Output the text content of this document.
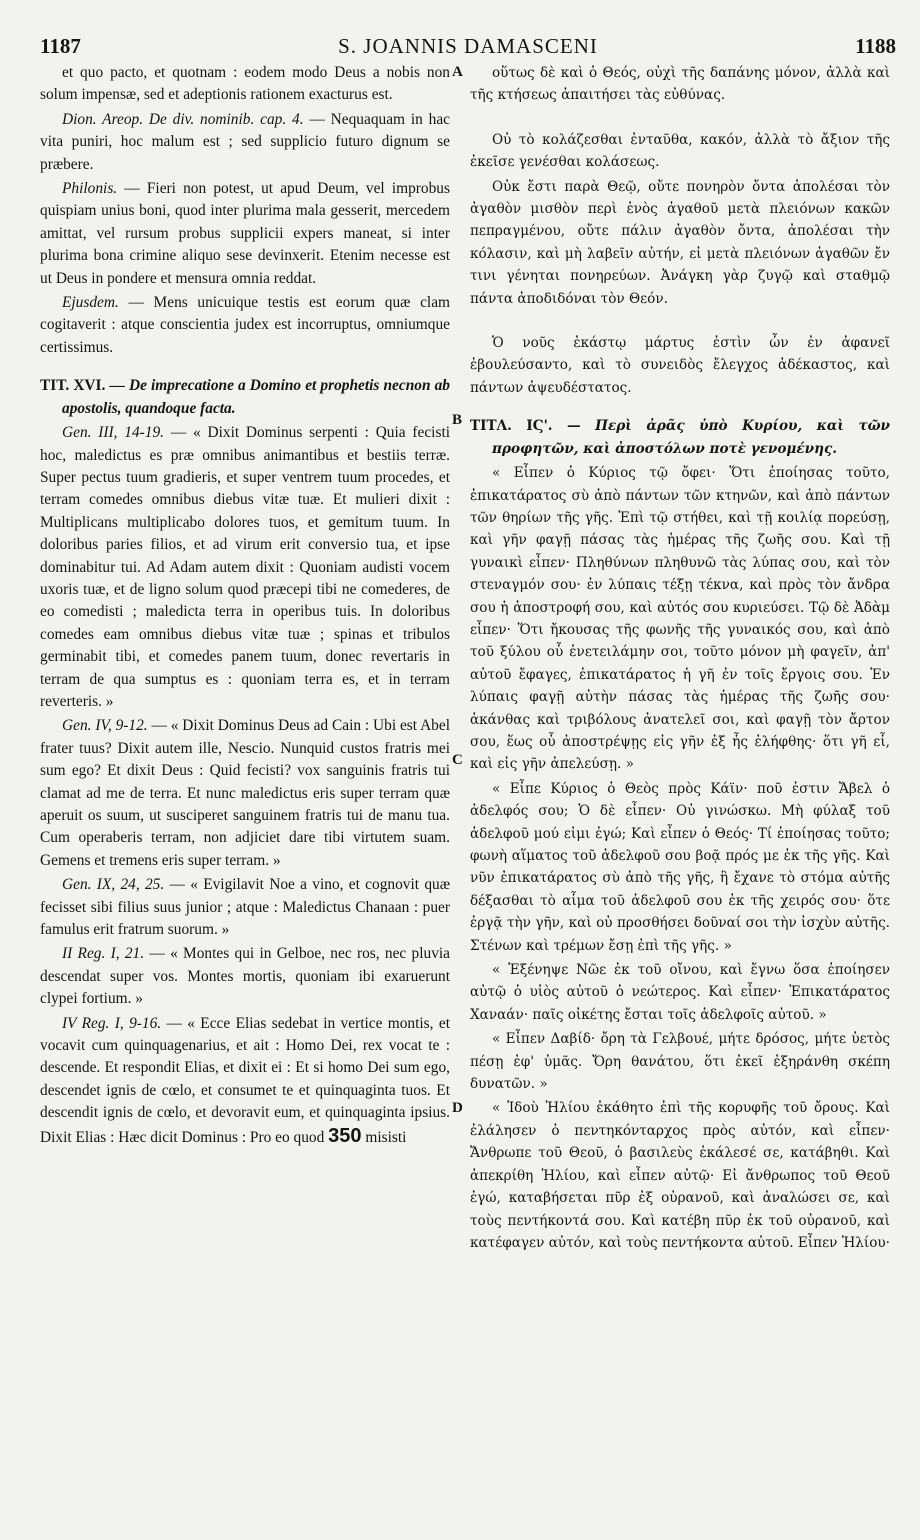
1187	S. JOANNIS DAMASCENI	1188
A
B
C
D

et quo pacto, et quotnam : eodem modo Deus a nobis non solum impensæ, sed et adeptionis rationem exacturus est.

Dion. Areop. De div. nominib. cap. 4. — Nequaquam in hac vita puniri, hoc malum est ; sed supplicio futuro dignum se præbere.

Philonis. — Fieri non potest, ut apud Deum, vel improbus quispiam unius boni, quod inter plurima mala gesserit, mercedem amittat, vel rursum probus supplicii expers maneat, si inter plurima bona crimine aliquo sese devinxerit. Etenim necesse est ut Deus in pondere et mensura omnia reddat.

Ejusdem. — Mens unicuique testis est eorum quæ clam cogitaverit : atque conscientia judex est incorruptus, omniumque certissimus.

TIT. XVI. — De imprecatione a Domino et prophetis necnon ab apostolis, quandoque facta.

Gen. III, 14-19. — « Dixit Dominus serpenti : Quia fecisti hoc, maledictus es præ omnibus animantibus et bestiis terræ. Super pectus tuum gradieris, et super ventrem tuum procedes, et terram comedes omnibus diebus vitæ tuæ. Et mulieri dixit : Multiplicans multiplicabo dolores tuos, et gemitum tuum. In doloribus paries filios, et ad virum erit conversio tua, et ipse dominabitur tui. Ad Adam autem dixit : Quoniam audisti vocem uxoris tuæ, et de ligno solum quod præcepi tibi ne comederes, de eo comedisti ; maledicta terra in operibus tuis. In doloribus comedes eam omnibus diebus vitæ tuæ ; spinas et tribulos germinabit tibi, et comedes panem tuum, donec revertaris in terram de qua sumptus es : quoniam terra es, et in terram reverteris. »

Gen. IV, 9-12. — « Dixit Dominus Deus ad Cain : Ubi est Abel frater tuus? Dixit autem ille, Nescio. Nunquid custos fratris mei sum ego? Et dixit Deus : Quid fecisti? vox sanguinis fratris tui clamat ad me de terra. Et nunc maledictus eris super terram quæ aperuit os suum, ut susciperet sanguinem fratris tui de manu tua. Cum operaberis terram, non adjiciet dare tibi virtutem suam. Gemens et tremens eris super terram. »

Gen. IX, 24, 25. — « Evigilavit Noe a vino, et cognovit quæ fecisset sibi filius suus junior ; atque : Maledictus Chanaan : puer famulus erit fratrum suorum. »

II Reg. I, 21. — « Montes qui in Gelboe, nec ros, nec pluvia descendat super vos. Montes mortis, quoniam ibi exaruerunt clypei fortium. »

IV Reg. I, 9-16. — « Ecce Elias sedebat in vertice montis, et vocavit cum quinquagenarius, et ait : Homo Dei, rex vocat te : descende. Et respondit Elias, et dixit ei : Et si homo Dei sum ego, descendet ignis de cœlo, et consumet te et quinquaginta tuos. Et descendit ignis de cœlo, et devoravit eum, et quinquaginta ipsius. Dixit Elias : Hæc dicit Dominus : Pro eo quod 350 misisti

οὕτως δὲ καὶ ὁ Θεός, οὐχὶ τῆς δαπάνης μόνον, ἀλλὰ καὶ τῆς κτήσεως ἀπαιτήσει τὰς εὐθύνας.

Οὐ τὸ κολάζεσθαι ἐνταῦθα, κακόν, ἀλλὰ τὸ ἄξιον τῆς ἐκεῖσε γενέσθαι κολάσεως.

Οὐκ ἔστι παρὰ Θεῷ, οὔτε πονηρὸν ὄντα ἀπολέσαι τὸν ἀγαθὸν μισθὸν περὶ ἑνὸς ἀγαθοῦ μετὰ πλειόνων κακῶν πεπραγμένου, οὔτε πάλιν ἀγαθὸν ὄντα, ἀπολέσαι τὴν κόλασιν, καὶ μὴ λαβεῖν αὐτήν, εἰ μετὰ πλειόνων ἀγαθῶν ἔν τινι γένηται πονηρεύων. Ἀνάγκη γὰρ ζυγῷ καὶ σταθμῷ πάντα ἀποδιδόναι τὸν Θεόν.

Ὁ νοῦς ἑκάστῳ μάρτυς ἐστὶν ὧν ἐν ἀφανεῖ ἐβουλεύσαντο, καὶ τὸ συνειδὸς ἔλεγχος ἀδέκαστος, καὶ πάντων ἀψευδέστατος.

ΤΙΤΛ. ΙϚ'. — Περὶ ἀρᾶς ὑπὸ Κυρίου, καὶ τῶν προφητῶν, καὶ ἀποστόλων ποτὲ γενομένης.

« Εἶπεν ὁ Κύριος τῷ ὄφει· Ὅτι ἐποίησας τοῦτο, ἐπικατάρατος σὺ ἀπὸ πάντων τῶν κτηνῶν, καὶ ἀπὸ πάντων τῶν θηρίων τῆς γῆς. Ἐπὶ τῷ στήθει, καὶ τῇ κοιλίᾳ πορεύσῃ, καὶ γῆν φαγῇ πάσας τὰς ἡμέρας τῆς ζωῆς σου. Καὶ τῇ γυναικὶ εἶπεν· Πληθύνων πληθυνῶ τὰς λύπας σου, καὶ τὸν στεναγμόν σου· ἐν λύπαις τέξῃ τέκνα, καὶ πρὸς τὸν ἄνδρα σου ἡ ἀποστροφή σου, καὶ αὐτός σου κυριεύσει. Τῷ δὲ Ἀδὰμ εἶπεν· Ὅτι ἤκουσας τῆς φωνῆς τῆς γυναικός σου, καὶ ἀπὸ τοῦ ξύλου οὗ ἐνετειλάμην σοι, τοῦτο μόνον μὴ φαγεῖν, ἀπ' αὐτοῦ ἔφαγες, ἐπικατάρατος ἡ γῆ ἐν τοῖς ἔργοις σου. Ἐν λύπαις φαγῇ αὐτὴν πάσας τὰς ἡμέρας τῆς ζωῆς σου· ἀκάνθας καὶ τριβόλους ἀνατελεῖ σοι, καὶ φαγῇ τὸν ἄρτον σου, ἕως οὗ ἀποστρέψῃς εἰς γῆν ἐξ ἧς ἐλήφθης· ὅτι γῆ εἶ, καὶ εἰς γῆν ἀπελεύσῃ. »

« Εἶπε Κύριος ὁ Θεὸς πρὸς Κάϊν· ποῦ ἐστιν Ἄβελ ὁ ἀδελφός σου; Ὁ δὲ εἶπεν· Οὐ γινώσκω. Μὴ φύλαξ τοῦ ἀδελφοῦ μού εἰμι ἐγώ; Καὶ εἶπεν ὁ Θεός· Τί ἐποίησας τοῦτο; φωνὴ αἵματος τοῦ ἀδελφοῦ σου βοᾷ πρός με ἐκ τῆς γῆς. Καὶ νῦν ἐπικατάρατος σὺ ἀπὸ τῆς γῆς, ἣ ἔχανε τὸ στόμα αὐτῆς δέξασθαι τὸ αἷμα τοῦ ἀδελφοῦ σου ἐκ τῆς χειρός σου· ὅτε ἐργᾷ τὴν γῆν, καὶ οὐ προσθήσει δοῦναί σοι τὴν ἰσχὺν αὐτῆς. Στένων καὶ τρέμων ἔσῃ ἐπὶ τῆς γῆς. »

« Ἐξένηψε Νῶε ἐκ τοῦ οἴνου, καὶ ἔγνω ὅσα ἐποίησεν αὐτῷ ὁ υἱὸς αὐτοῦ ὁ νεώτερος. Καὶ εἶπεν· Ἐπικατάρατος Χαναάν· παῖς οἰκέτης ἔσται τοῖς ἀδελφοῖς αὐτοῦ. »

« Εἶπεν Δαβίδ· ὄρη τὰ Γελβουέ, μήτε δρόσος, μήτε ὑετὸς πέσῃ ἐφ' ὑμᾶς. Ὄρη θανάτου, ὅτι ἐκεῖ ἐξηράνθη σκέπη δυνατῶν. »

« Ἰδοὺ Ἠλίου ἐκάθητο ἐπὶ τῆς κορυφῆς τοῦ ὄρους. Καὶ ἐλάλησεν ὁ πεντηκόνταρχος πρὸς αὐτόν, καὶ εἶπεν· Ἄνθρωπε τοῦ Θεοῦ, ὁ βασιλεὺς ἐκάλεσέ σε, κατάβηθι. Καὶ ἀπεκρίθη Ἠλίου, καὶ εἶπεν αὐτῷ· Εἰ ἄνθρωπος τοῦ Θεοῦ ἐγώ, καταβήσεται πῦρ ἐξ οὐρανοῦ, καὶ ἀναλώσει σε, καὶ τοὺς πεντήκοντά σου. Καὶ κατέβη πῦρ ἐκ τοῦ οὐρανοῦ, καὶ κατέφαγεν αὐτόν, καὶ τοὺς πεντήκοντα αὐτοῦ. Εἶπεν Ἠλίου·
